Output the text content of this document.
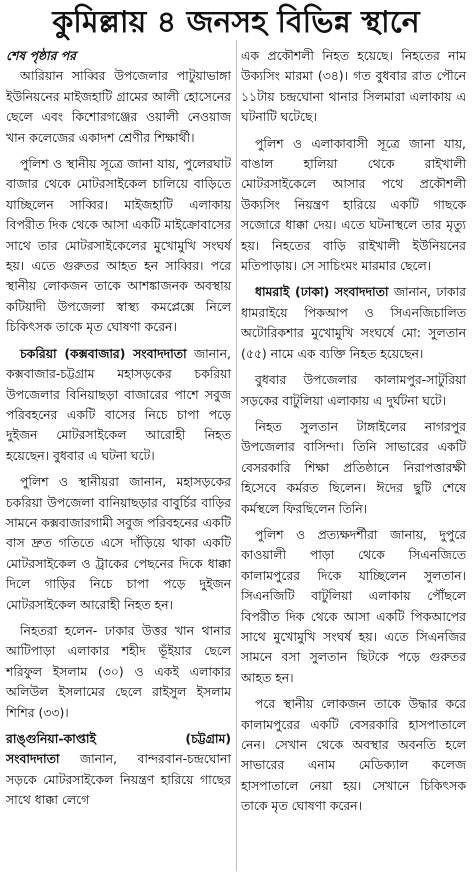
কুমিল্লায় ৪ জনসহ বিভিন্ন স্থানে
শেষ পৃষ্ঠার পর

আরিয়ান সাব্বির উপজেলার পাটুয়াভাঙ্গা ইউনিয়নের মাইজহাটি গ্রামের আলী হোসেনের ছেলে এবং কিশোরগঞ্জের ওয়ালী নেওয়াজ খান কলেজের একাদশ শ্রেণীর শিক্ষার্থী।

পুলিশ ও স্থানীয় সূত্রে জানা যায়, পুলেরঘাট বাজার থেকে মোটরসাইকেল চালিয়ে বাড়িতে যাচ্ছিলেন সাব্বির। মাইজহাটি এলাকায় বিপরীত দিক থেকে আসা একটি মাইক্রোবাসের সাথে তার মোটরসাইকেলের মুখোমুখি সংঘর্ষ হয়। এতে গুরুতর আহত হন সাব্বির। পরে স্থানীয় লোকজন তাকে আশঙ্কাজনক অবস্থায় কটিয়াদী উপজেলা স্বাস্থ্য কমপ্লেক্সে নিলে চিকিৎসক তাকে মৃত ঘোষণা করেন।

চকরিয়া (কক্সবাজার) সংবাদদাতা জানান, কক্সবাজার-চট্টগ্রাম মহাসড়কের চকরিয়া উপজেলার বিনিয়াছড়া বাজারের পাশে সবুজ পরিবহনের একটি বাসের নিচে চাপা পড়ে দুইজন মোটরসাইকেল আরোহী নিহত হয়েছেন। বুধবার এ ঘটনা ঘটে।

পুলিশ ও স্থানীয়রা জানান, মহাসড়কের চকরিয়া উপজেলা বানিয়াছড়ার বাবুর্চির বাড়ির সামনে কক্সবাজারগামী সবুজ পরিবহনের একটি বাস দ্রুত গতিতে এসে দাঁড়িয়ে থাকা একটি মোটরসাইকেল ও ট্রাকের পেছনের দিকে ধাক্কা দিলে গাড়ির নিচে চাপা পড়ে দুইজন মোটরসাইকেল আরোহী নিহত হন।

নিহতরা হলেন- ঢাকার উত্তর খান থানার আটিপাড়া এলাকার শহীদ ভূঁইয়ার ছেলে শরিফুল ইসলাম (৩০) ও একই এলাকার অলিউল ইসলামের ছেলে রাইসুল ইসলাম শিশির (৩৩)।

রাঙ্গুনিয়া-কাপ্তাই	(চট্টগ্রাম)

সংবাদদাতা জানান, বান্দরবান-চন্দ্রঘোনা সড়কে মোটরসাইকেল নিয়ন্ত্রণ হারিয়ে গাছের সাথে ধাক্কা লেগে

এক প্রকৌশলী নিহত হয়েছে। নিহতের নাম উক্যসিং মারমা (৩৪)। গত বুধবার রাত পৌনে ১১টায় চন্দ্রঘোনা থানার সিলমারা এলাকায় এ ঘটনাটি ঘটেছে।

পুলিশ ও এলাকাবাসী সূত্রে জানা যায়, বাঙাল হালিয়া থেকে রাইখালী মোটরসাইকেলে আসার পথে প্রকৌশলী উক্যসিং নিয়ন্ত্রণ হারিয়ে একটি গাছকে সজোরে ধাক্কা দেয়। এতে ঘটনাস্থলে তার মৃত্যু হয়। নিহতের বাড়ি রাইখালী ইউনিয়নের মতিপাড়ায়। সে সাচিংমং মারমার ছেলে।

ধামরাই (ঢাকা) সংবাদদাতা জানান, ঢাকার ধামরাইয়ে পিকআপ ও সিএনজিচালিত অটোরিকশার মুখোমুখি সংঘর্ষে মো: সুলতান (৫৫) নামে এক ব্যক্তি নিহত হয়েছেন।

বুধবার উপজেলার কালামপুর-সাটুরিয়া সড়কের বাটুলিয়া এলাকায় এ দুর্ঘটনা ঘটে।

নিহত সুলতান টাঙ্গাইলের নাগরপুর উপজেলার বাসিন্দা। তিনি সাভারের একটি বেসরকারি শিক্ষা প্রতিষ্ঠানে নিরাপত্তারক্ষী হিসেবে কর্মরত ছিলেন। ঈদের ছুটি শেষে কর্মস্থলে ফিরছিলেন তিনি।

পুলিশ ও প্রত্যক্ষদর্শীরা জানায়, দুপুরে কাওয়ালী পাড়া থেকে সিএনজিতে কালামপুরের দিকে যাচ্ছিলেন সুলতান। সিএনজিটি বাটুলিয়া এলাকায় পৌঁছলে বিপরীত দিক থেকে আসা একটি পিকআপের সাথে মুখোমুখি সংঘর্ষ হয়। এতে সিএনজির সামনে বসা সুলতান ছিটকে পড়ে গুরুতর আহত হন।

পরে স্থানীয় লোকজন তাকে উদ্ধার করে কালামপুরের একটি বেসরকারি হাসপাতালে নেন। সেখান থেকে অবস্থার অবনতি হলে সাভারের এনাম মেডিক্যাল কলেজ হাসপাতালে নেয়া হয়। সেখানে চিকিৎসক তাকে মৃত ঘোষণা করেন।
